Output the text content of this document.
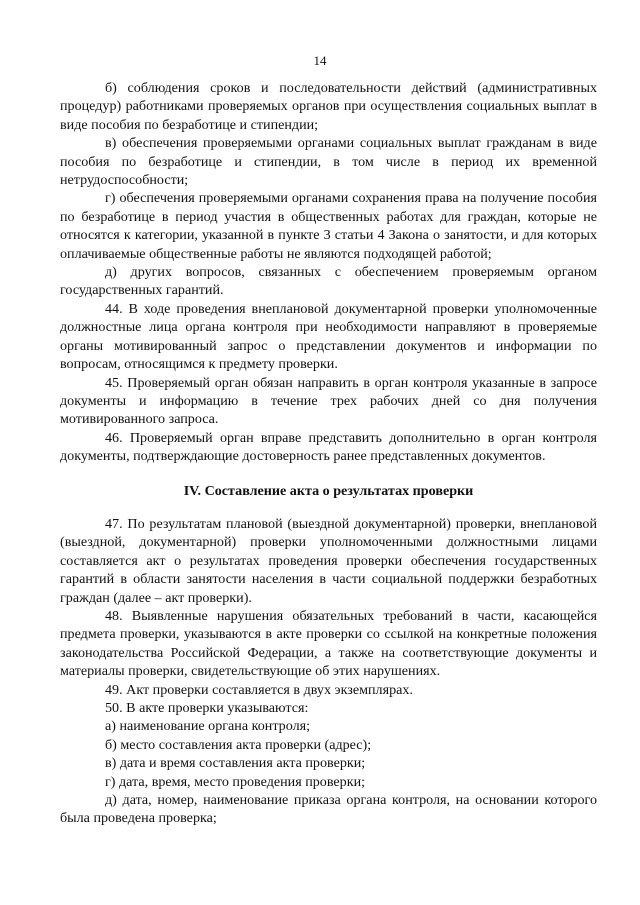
14

б) соблюдения сроков и последовательности действий (административных процедур) работниками проверяемых органов при осуществления социальных выплат в виде пособия по безработице и стипендии;

в) обеспечения проверяемыми органами социальных выплат гражданам в виде пособия по безработице и стипендии, в том числе в период их временной нетрудоспособности;

г) обеспечения проверяемыми органами сохранения права на получение пособия по безработице в период участия в общественных работах для граждан, которые не относятся к категории, указанной в пункте 3 статьи 4 Закона о занятости, и для которых оплачиваемые общественные работы не являются подходящей работой;

д) других вопросов, связанных с обеспечением проверяемым органом государственных гарантий.

44. В ходе проведения внеплановой документарной проверки уполномоченные должностные лица органа контроля при необходимости направляют в проверяемые органы мотивированный запрос о представлении документов и информации по вопросам, относящимся к предмету проверки.

45. Проверяемый орган обязан направить в орган контроля указанные в запросе документы и информацию в течение трех рабочих дней со дня получения мотивированного запроса.

46. Проверяемый орган вправе представить дополнительно в орган контроля документы, подтверждающие достоверность ранее представленных документов.

IV. Составление акта о результатах проверки

47. По результатам плановой (выездной документарной) проверки, внеплановой (выездной, документарной) проверки уполномоченными должностными лицами составляется акт о результатах проведения проверки обеспечения государственных гарантий в области занятости населения в части социальной поддержки безработных граждан (далее – акт проверки).

48. Выявленные нарушения обязательных требований в части, касающейся предмета проверки, указываются в акте проверки со ссылкой на конкретные положения законодательства Российской Федерации, а также на соответствующие документы и материалы проверки, свидетельствующие об этих нарушениях.

49. Акт проверки составляется в двух экземплярах.

50. В акте проверки указываются:

а) наименование органа контроля;

б) место составления акта проверки (адрес);

в) дата и время составления акта проверки;

г) дата, время, место проведения проверки;

д) дата, номер, наименование приказа органа контроля, на основании которого была проведена проверка;
